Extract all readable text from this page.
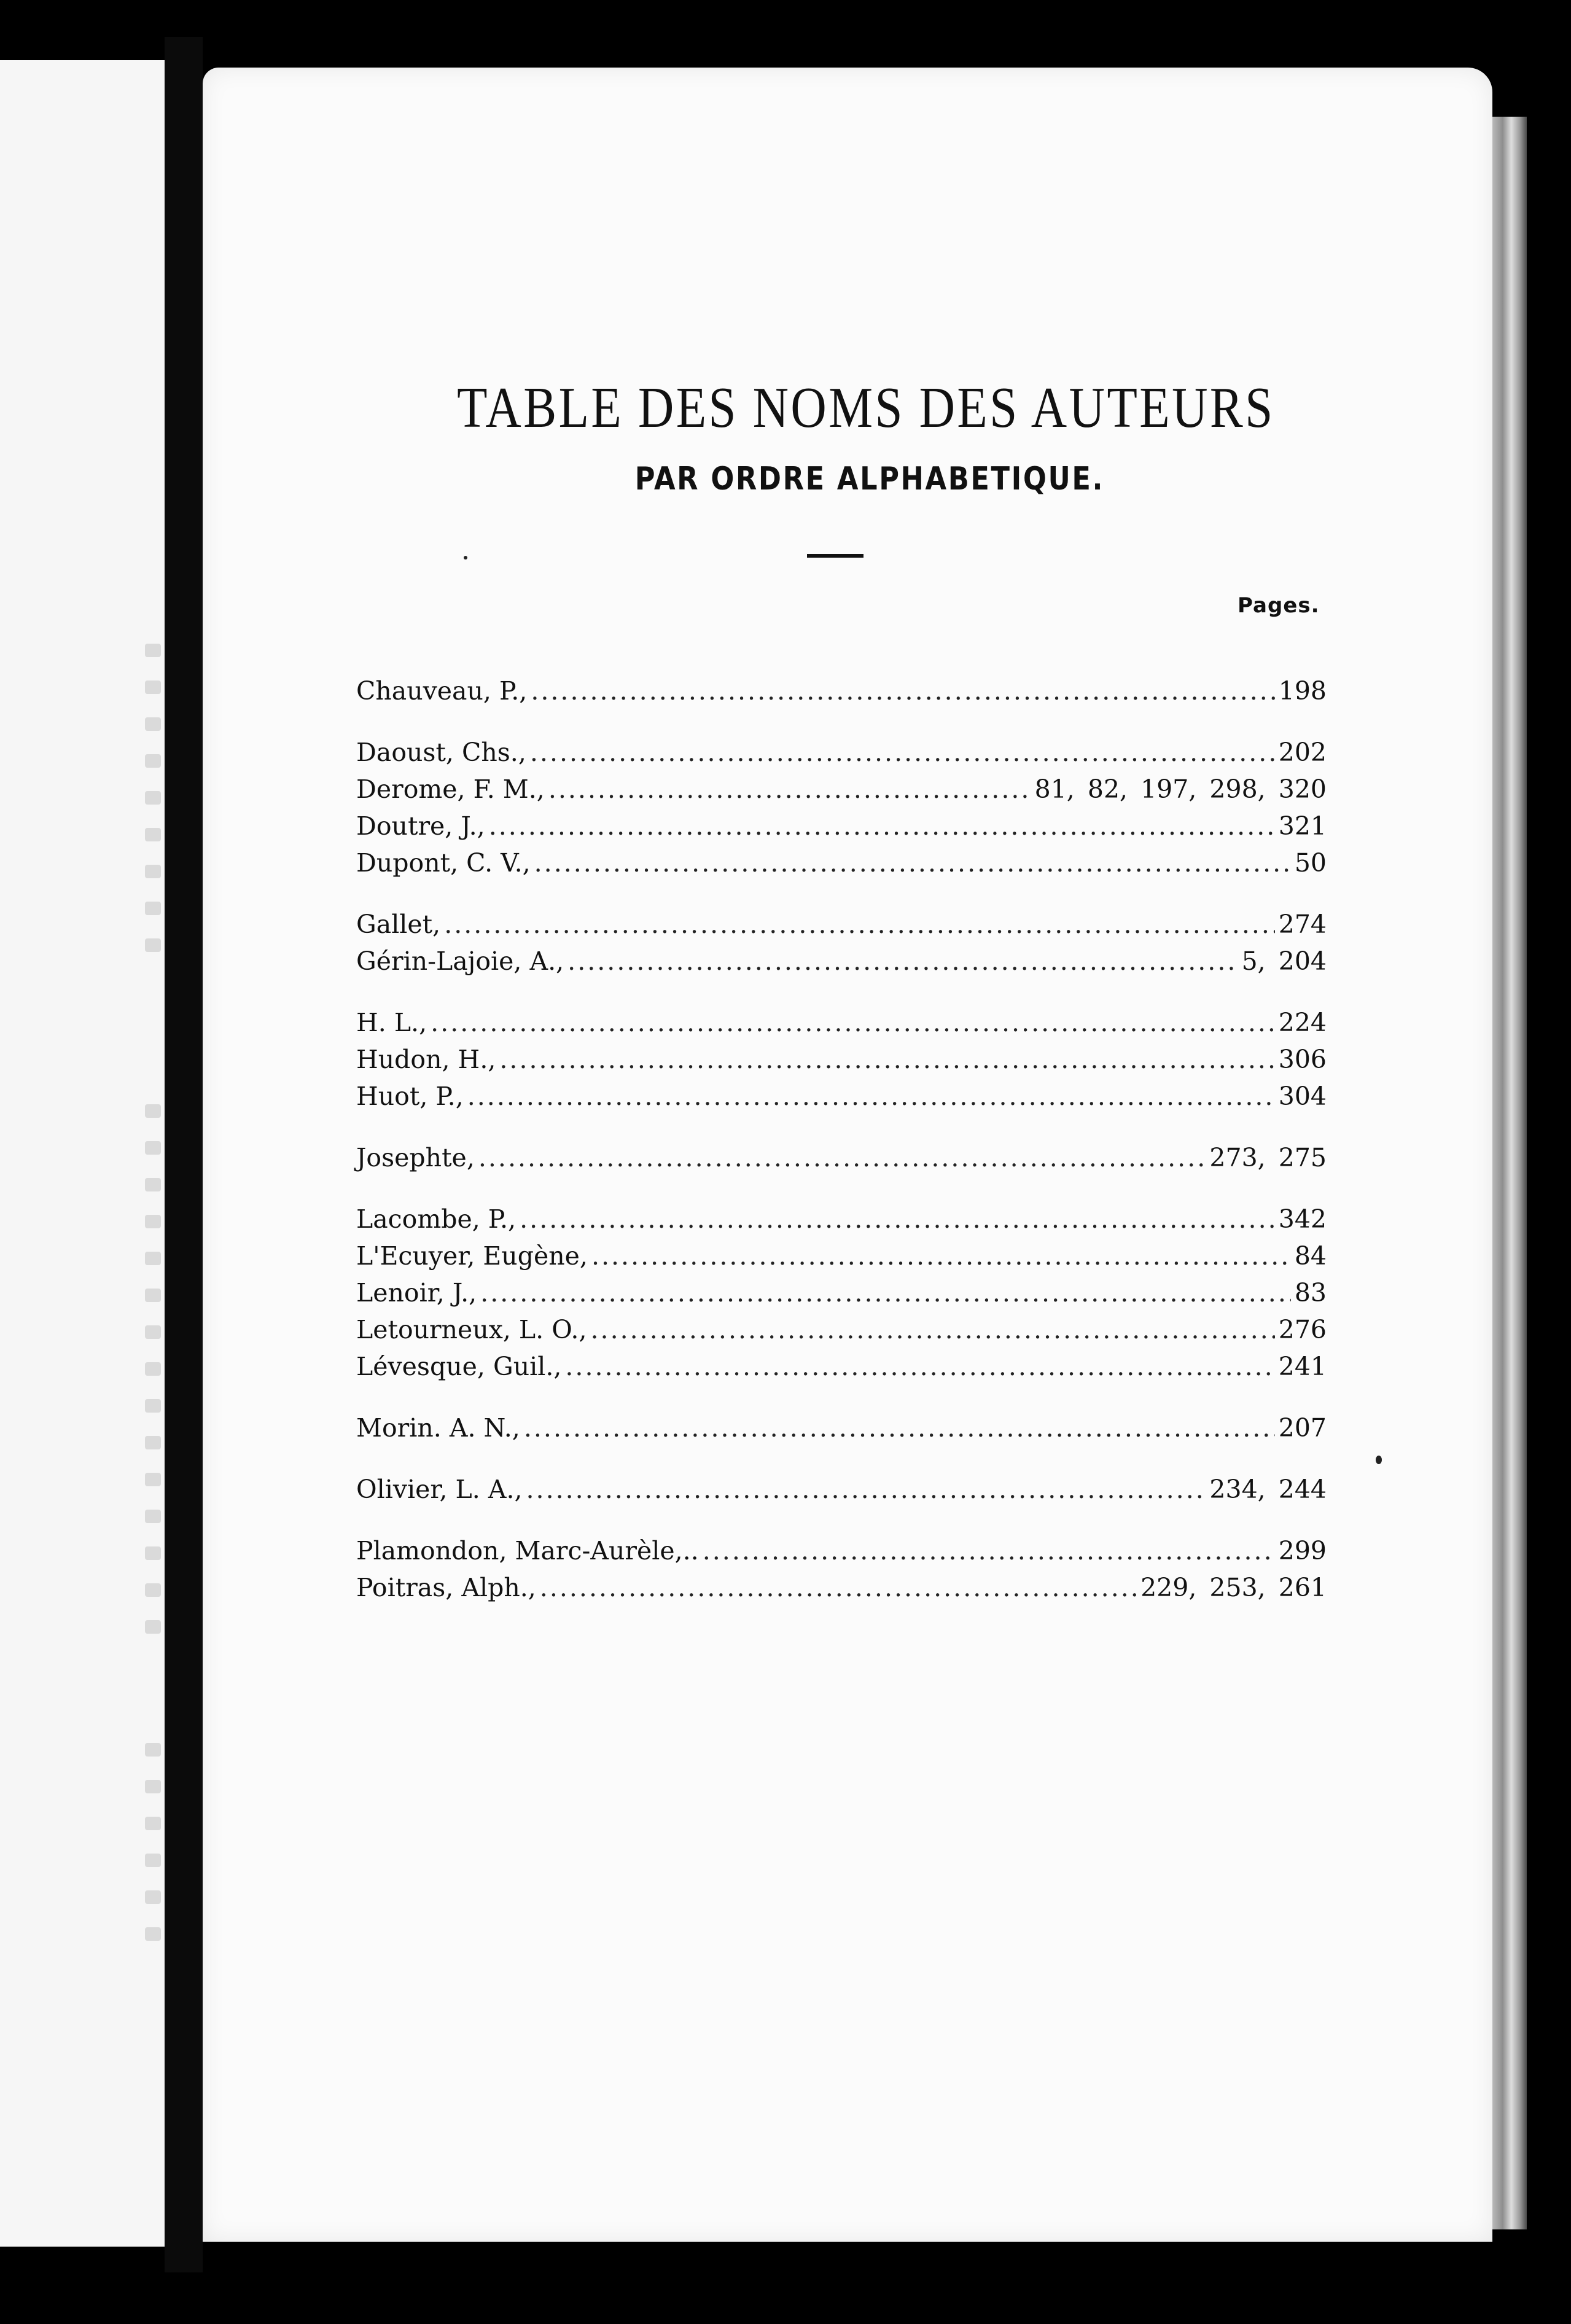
TABLE DES NOMS DES AUTEURS
PAR ORDRE ALPHABETIQUE.
Pages.
Chauveau, P., .....	198
Daoust, Chs., .....	202
Derome, F. M., .....	81, 82, 197, 298, 320
Doutre, J., .....	321
Dupont, C. V., .....	50
Gallet, .....	274
Gérin-Lajoie, A., .....	5, 204
H. L., .....	224
Hudon, H., .....	306
Huot, P., .....	304
Josephte, .....	273, 275
Lacombe, P., .....	342
L'Ecuyer, Eugène, .....	84
Lenoir, J., .....	83
Letourneux, L. O., .....	276
Lévesque, Guil., .....	241
Morin. A. N., .....	207
Olivier, L. A., .....	234, 244
Plamondon, Marc-Aurèle,.. .....	299
Poitras, Alph., .....	229, 253, 261
